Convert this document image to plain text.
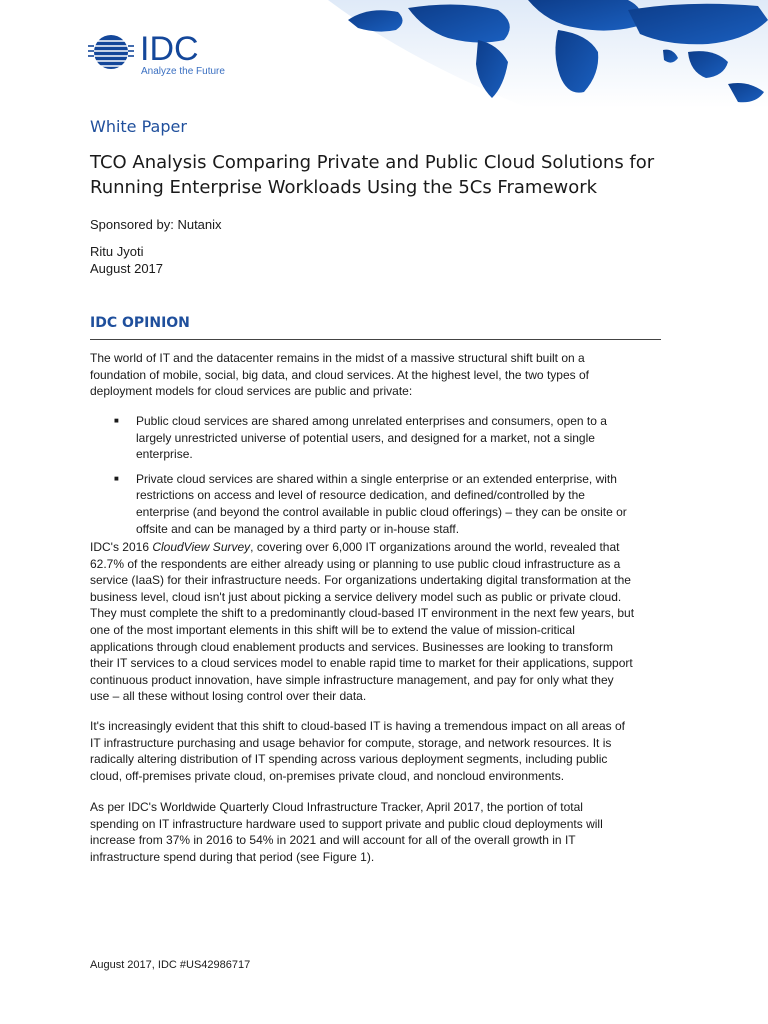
IDC
Analyze the Future
White Paper
TCO Analysis Comparing Private and Public Cloud Solutions for
Running Enterprise Workloads Using the 5Cs Framework
Sponsored by: Nutanix
Ritu Jyoti
August 2017
IDC OPINION

The world of IT and the datacenter remains in the midst of a massive structural shift built on a
foundation of mobile, social, big data, and cloud services. At the highest level, the two types of
deployment models for cloud services are public and private:

■ Public cloud services are shared among unrelated enterprises and consumers, open to a
largely unrestricted universe of potential users, and designed for a market, not a single
enterprise.
■ Private cloud services are shared within a single enterprise or an extended enterprise, with
restrictions on access and level of resource dedication, and defined/controlled by the
enterprise (and beyond the control available in public cloud offerings) – they can be onsite or
offsite and can be managed by a third party or in-house staff.

IDC's 2016 CloudView Survey, covering over 6,000 IT organizations around the world, revealed that
62.7% of the respondents are either already using or planning to use public cloud infrastructure as a
service (IaaS) for their infrastructure needs. For organizations undertaking digital transformation at the
business level, cloud isn't just about picking a service delivery model such as public or private cloud.
They must complete the shift to a predominantly cloud-based IT environment in the next few years, but
one of the most important elements in this shift will be to extend the value of mission-critical
applications through cloud enablement products and services. Businesses are looking to transform
their IT services to a cloud services model to enable rapid time to market for their applications, support
continuous product innovation, have simple infrastructure management, and pay for only what they
use – all these without losing control over their data.

It's increasingly evident that this shift to cloud-based IT is having a tremendous impact on all areas of
IT infrastructure purchasing and usage behavior for compute, storage, and network resources. It is
radically altering distribution of IT spending across various deployment segments, including public
cloud, off-premises private cloud, on-premises private cloud, and noncloud environments.

As per IDC's Worldwide Quarterly Cloud Infrastructure Tracker, April 2017, the portion of total
spending on IT infrastructure hardware used to support private and public cloud deployments will
increase from 37% in 2016 to 54% in 2021 and will account for all of the overall growth in IT
infrastructure spend during that period (see Figure 1).

August 2017, IDC #US42986717
